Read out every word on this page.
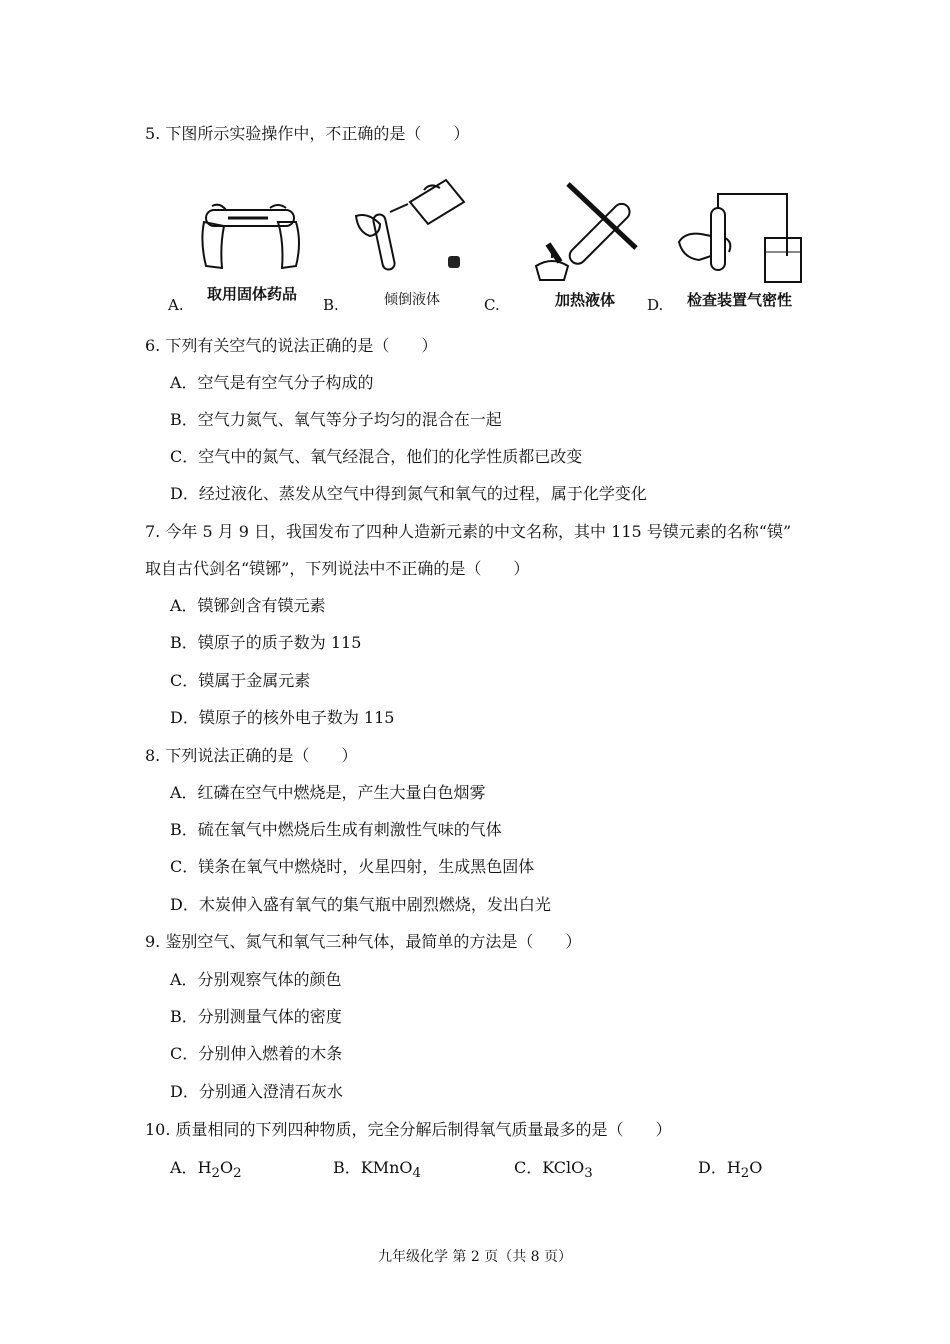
5. 下图所示实验操作中，不正确的是（　　）
A.
取用固体药品
B.	倾倒液体	C.	加热液体 D. 检查装置气密性
6. 下列有关空气的说法正确的是（　　）
A．空气是有空气分子构成的
B．空气力氮气、氧气等分子均匀的混合在一起
C．空气中的氮气、氧气经混合，他们的化学性质都已改变
D．经过液化、蒸发从空气中得到氮气和氧气的过程，属于化学变化
7. 今年 5 月 9 日，我国发布了四种人造新元素的中文名称，其中 115 号镆元素的名称“镆”
取自古代剑名“镆铘”，下列说法中不正确的是（　　）
A．镆铘剑含有镆元素
B．镆原子的质子数为 115
C．镆属于金属元素
D．镆原子的核外电子数为 115
8. 下列说法正确的是（　　）
A．红磷在空气中燃烧是，产生大量白色烟雾
B．硫在氧气中燃烧后生成有刺激性气味的气体
C．镁条在氧气中燃烧时，火星四射，生成黑色固体
D．木炭伸入盛有氧气的集气瓶中剧烈燃烧，发出白光
9. 鉴别空气、氮气和氧气三种气体，最简单的方法是（　　）
A．分别观察气体的颜色
B．分别测量气体的密度
C．分别伸入燃着的木条
D．分别通入澄清石灰水
10. 质量相同的下列四种物质，完全分解后制得氧气质量最多的是（　　）
A．$H_2O_2$	B．KMnO$_4$	C．KClO$_3$	D．$H_2O$
九年级化学 第 2 页（共 8 页）
